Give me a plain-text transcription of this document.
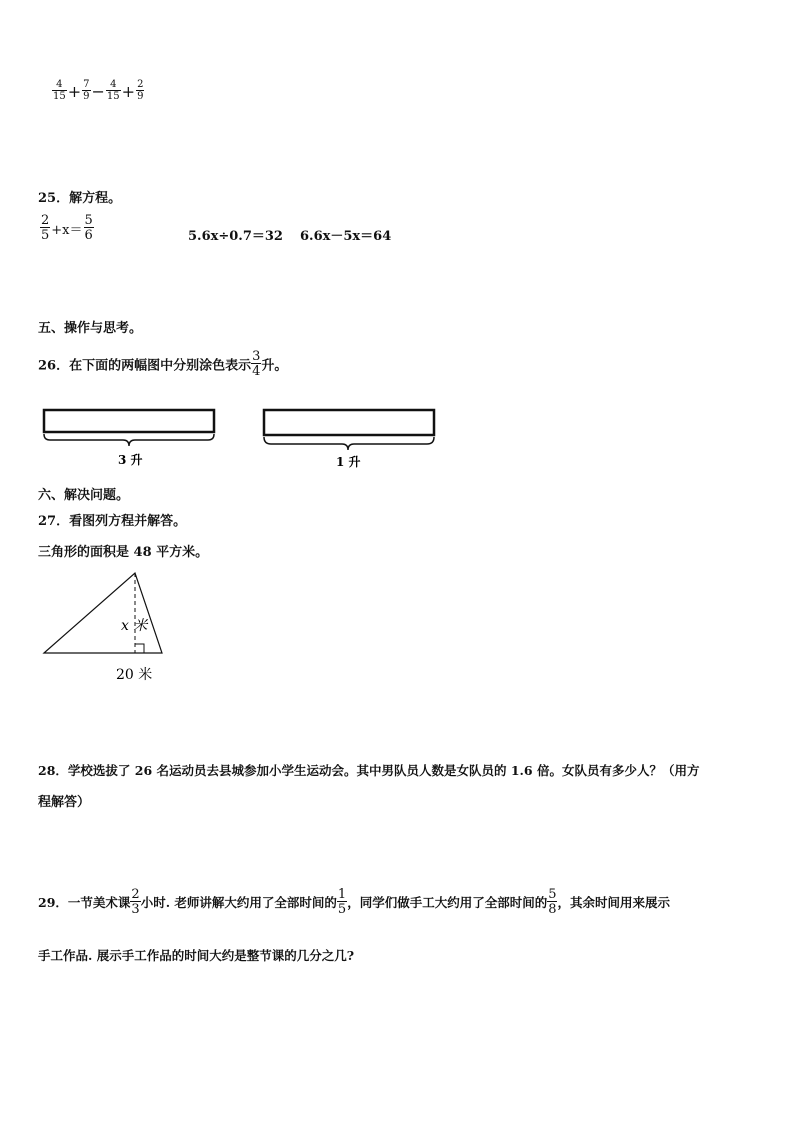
$\frac{4}{15} + \frac{7}{9} - \frac{4}{15} + \frac{2}{9}$
25．解方程。
$\frac{2}{5} +x= \frac{5}{6}$	5.6x÷0.7＝32 6.6x－5x＝64
五、操作与思考。
26．在下面的两幅图中分别涂色表示 $\frac{3}{4}$ 升。
3 升	1 升
六、解决问题。
27．看图列方程并解答。
三角形的面积是 48 平方米。
x 米
20 米
28．学校选拔了 26 名运动员去县城参加小学生运动会。其中男队员人数是女队员的 1.6 倍。女队员有多少人？（用方
程解答）
29．一节美术课 $\frac{2}{3}$ 小时. 老师讲解大约用了全部时间的 $\frac{1}{5}$ ，同学们做手工大约用了全部时间的 $\frac{5}{8}$ ，其余时间用来展示
手工作品. 展示手工作品的时间大约是整节课的几分之几?
